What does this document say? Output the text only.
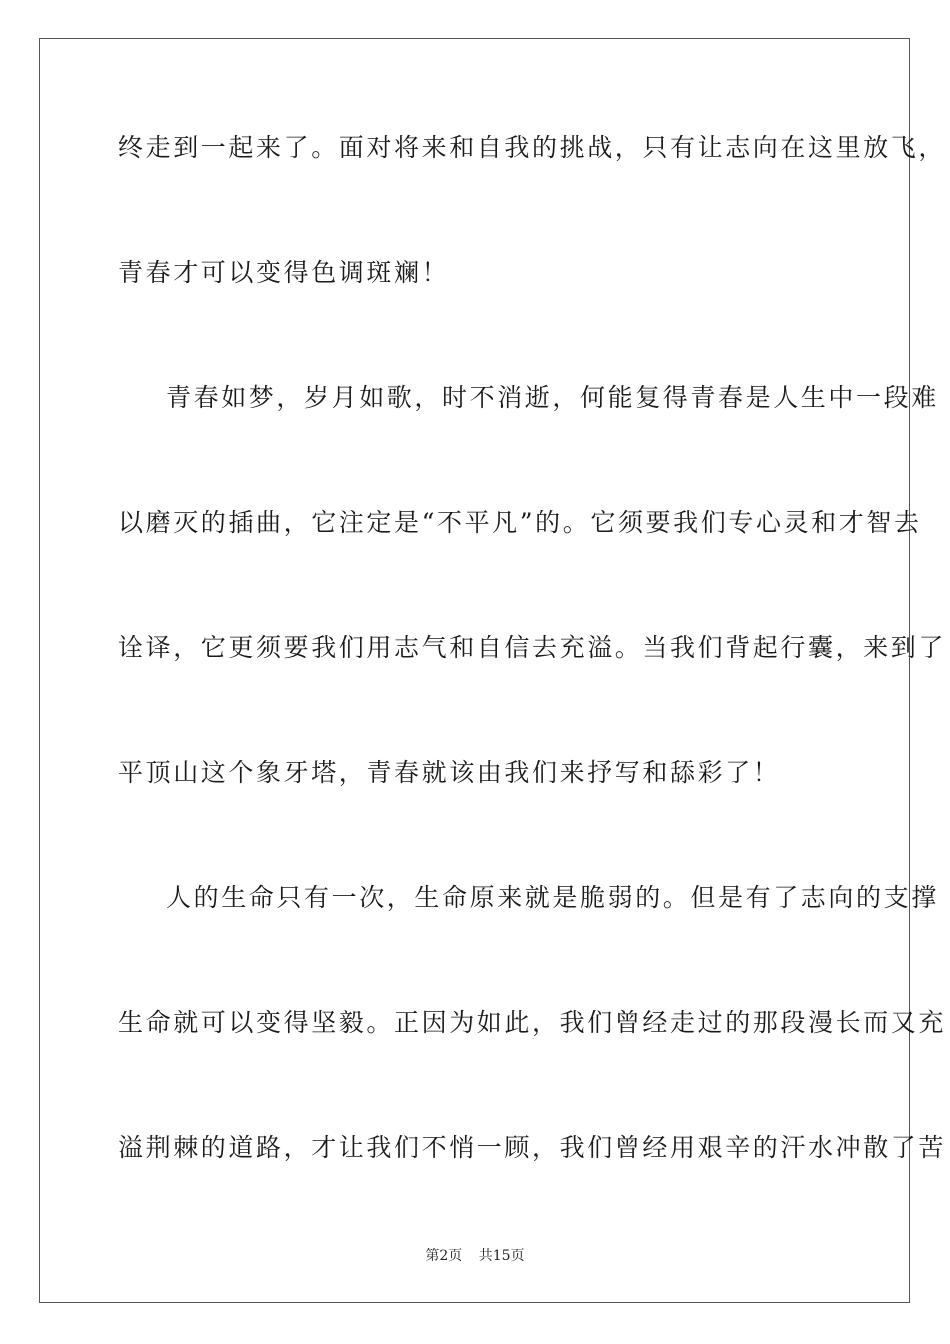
终走到一起来了。面对将来和自我的挑战，只有让志向在这里放飞，
青春才可以变得色调斑斓！
青春如梦，岁月如歌，时不消逝，何能复得青春是人生中一段难
以磨灭的插曲，它注定是“不平凡”的。它须要我们专心灵和才智去
诠译，它更须要我们用志气和自信去充溢。当我们背起行囊，来到了
平顶山这个象牙塔，青春就该由我们来抒写和舔彩了！
人的生命只有一次，生命原来就是脆弱的。但是有了志向的支撑
生命就可以变得坚毅。正因为如此，我们曾经走过的那段漫长而又充
溢荆棘的道路，才让我们不悄一顾，我们曾经用艰辛的汗水冲散了苦
第2页 共15页
